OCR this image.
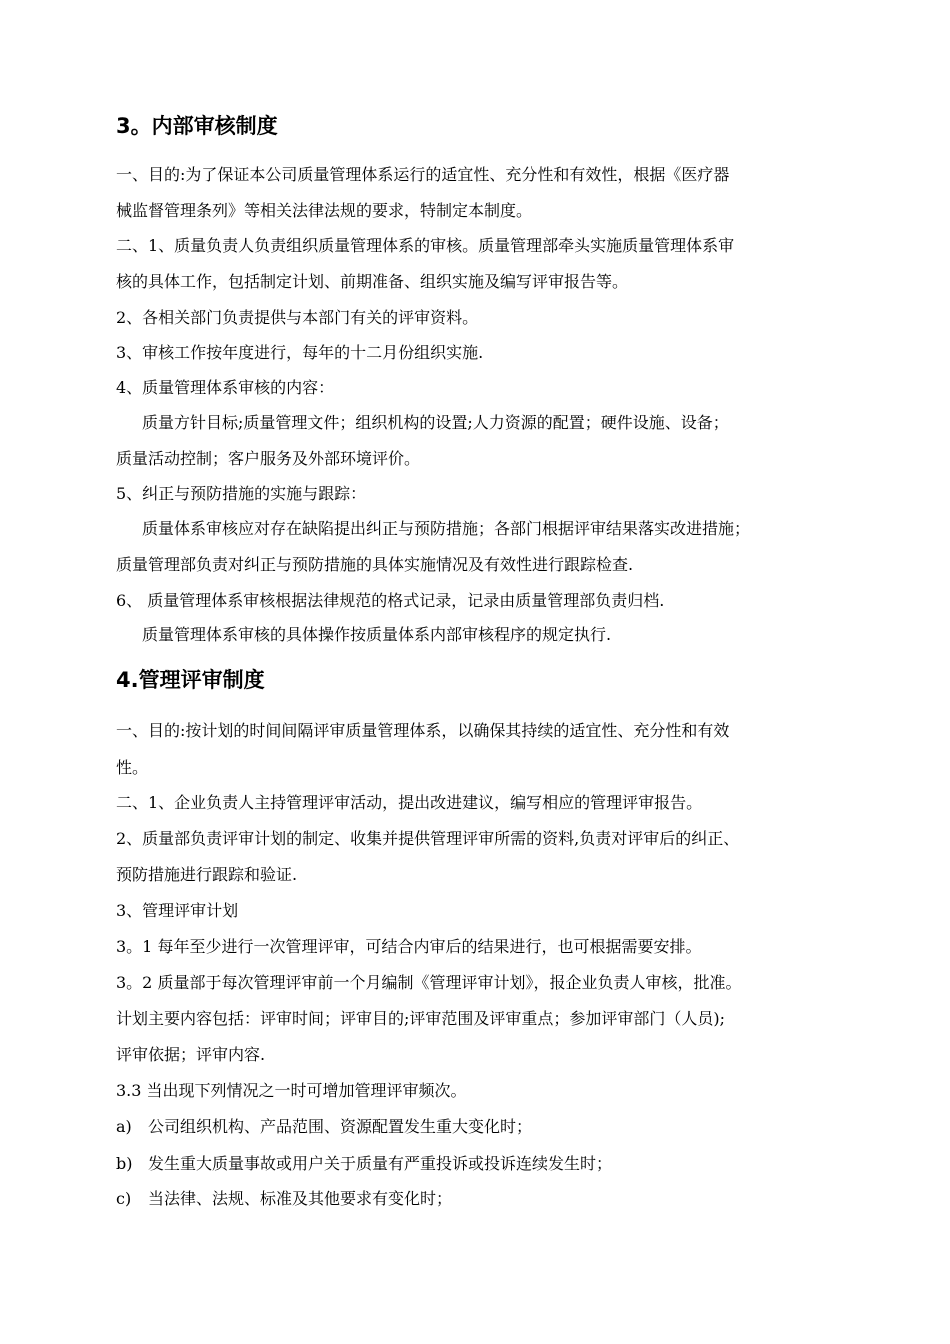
3。内部审核制度
一、目的:为了保证本公司质量管理体系运行的适宜性、充分性和有效性，根据《医疗器
械监督管理条列》等相关法律法规的要求，特制定本制度。
二、1、质量负责人负责组织质量管理体系的审核。质量管理部牵头实施质量管理体系审
核的具体工作，包括制定计划、前期准备、组织实施及编写评审报告等。
2、各相关部门负责提供与本部门有关的评审资料。
3、审核工作按年度进行，每年的十二月份组织实施.
4、质量管理体系审核的内容：
质量方针目标;质量管理文件；组织机构的设置;人力资源的配置；硬件设施、设备；
质量活动控制；客户服务及外部环境评价。
5、纠正与预防措施的实施与跟踪：
质量体系审核应对存在缺陷提出纠正与预防措施；各部门根据评审结果落实改进措施；
质量管理部负责对纠正与预防措施的具体实施情况及有效性进行跟踪检查.
6、 质量管理体系审核根据法律规范的格式记录，记录由质量管理部负责归档.
质量管理体系审核的具体操作按质量体系内部审核程序的规定执行.
4.管理评审制度
一、目的:按计划的时间间隔评审质量管理体系，以确保其持续的适宜性、充分性和有效
性。
二、1、企业负责人主持管理评审活动，提出改进建议，编写相应的管理评审报告。
2、质量部负责评审计划的制定、收集并提供管理评审所需的资料,负责对评审后的纠正、
预防措施进行跟踪和验证.
3、管理评审计划
3。1 每年至少进行一次管理评审，可结合内审后的结果进行，也可根据需要安排。
3。2 质量部于每次管理评审前一个月编制《管理评审计划》，报企业负责人审核，批准。
计划主要内容包括：评审时间；评审目的;评审范围及评审重点；参加评审部门（人员);
评审依据；评审内容.
3.3 当出现下列情况之一时可增加管理评审频次。
a) 公司组织机构、产品范围、资源配置发生重大变化时；
b) 发生重大质量事故或用户关于质量有严重投诉或投诉连续发生时；
c) 当法律、法规、标准及其他要求有变化时；
